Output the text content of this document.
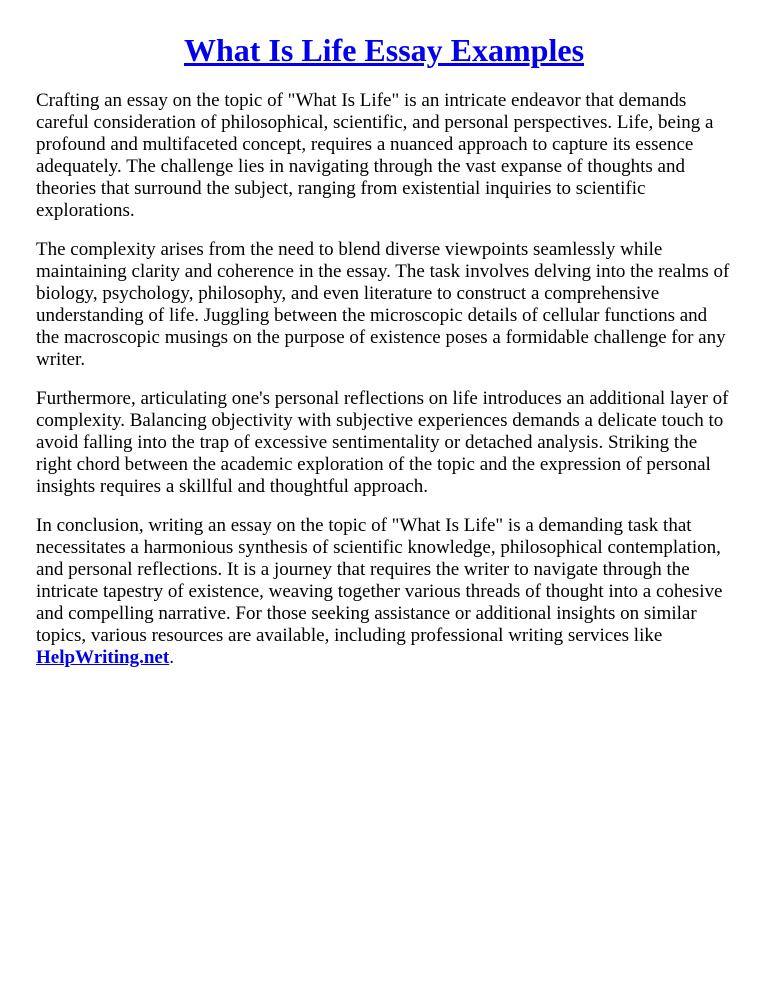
What Is Life Essay Examples

Crafting an essay on the topic of "What Is Life" is an intricate endeavor that demands careful consideration of philosophical, scientific, and personal perspectives. Life, being a profound and multifaceted concept, requires a nuanced approach to capture its essence adequately. The challenge lies in navigating through the vast expanse of thoughts and theories that surround the subject, ranging from existential inquiries to scientific explorations.

The complexity arises from the need to blend diverse viewpoints seamlessly while maintaining clarity and coherence in the essay. The task involves delving into the realms of biology, psychology, philosophy, and even literature to construct a comprehensive understanding of life. Juggling between the microscopic details of cellular functions and the macroscopic musings on the purpose of existence poses a formidable challenge for any writer.

Furthermore, articulating one's personal reflections on life introduces an additional layer of complexity. Balancing objectivity with subjective experiences demands a delicate touch to avoid falling into the trap of excessive sentimentality or detached analysis. Striking the right chord between the academic exploration of the topic and the expression of personal insights requires a skillful and thoughtful approach.

In conclusion, writing an essay on the topic of "What Is Life" is a demanding task that necessitates a harmonious synthesis of scientific knowledge, philosophical contemplation, and personal reflections. It is a journey that requires the writer to navigate through the intricate tapestry of existence, weaving together various threads of thought into a cohesive and compelling narrative. For those seeking assistance or additional insights on similar topics, various resources are available, including professional writing services like HelpWriting.net.
